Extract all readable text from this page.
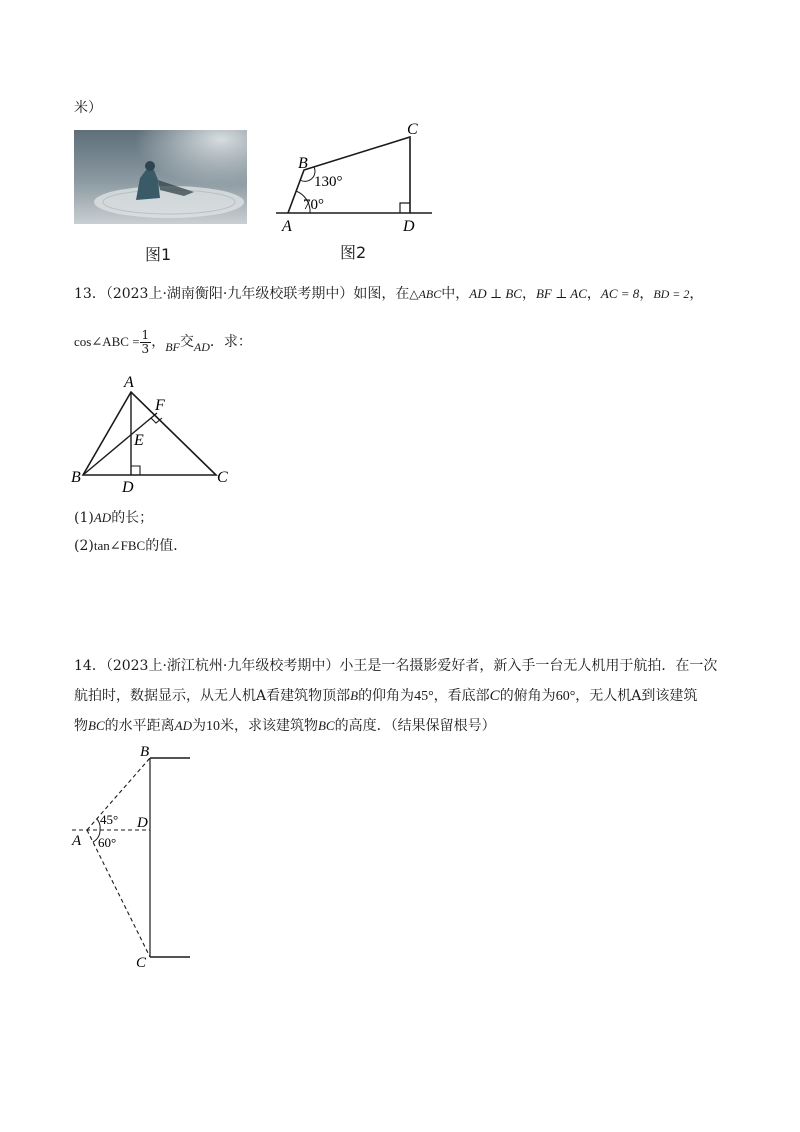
米）
图1
B
C
A	D
130°
70°
图2
13．（2023上·湖南衡阳·九年级校联考期中）如图，在△ABC中，AD ⊥ BC，BF ⊥ AC，AC = 8，BD = 2，
cos∠ABC = $\frac{1}{3}$ ，BF交AD．求：
A
F
E
B
D
C
(1)AD的长；
(2)tan∠FBC的值．
14．（2023上·浙江杭州·九年级校考期中）小王是一名摄影爱好者，新入手一台无人机用于航拍．在一次
航拍时，数据显示，从无人机A看建筑物顶部B的仰角为45°，看底部C的俯角为60°，无人机A到该建筑
物BC的水平距离AD为10米，求该建筑物BC的高度．（结果保留根号）
B
D
A
C
45°
60°
